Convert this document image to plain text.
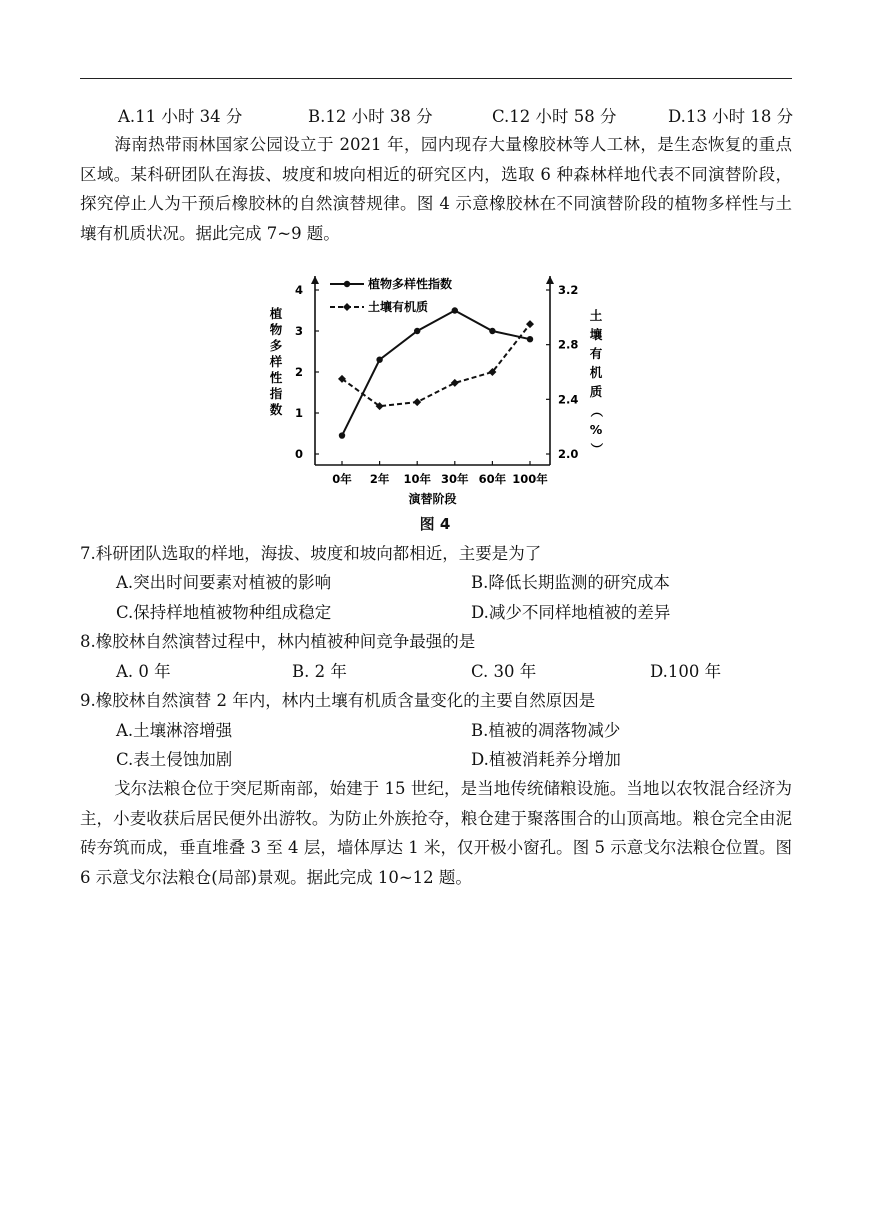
A.11 小时 34 分	B.12 小时 38 分	C.12 小时 58 分	D.13 小时 18 分
海南热带雨林国家公园设立于 2021 年，园内现存大量橡胶林等人工林，是生态恢复的重点区域。某科研团队在海拔、坡度和坡向相近的研究区内，选取 6 种森林样地代表不同演替阶段，探究停止人为干预后橡胶林的自然演替规律。图 4 示意橡胶林在不同演替阶段的植物多样性与土壤有机质状况。据此完成 7~9 题。
0
1
2
3
4
2.0
2.4
2.8
3.2
0年 2年 10年 30年 60年 100年
演替阶段
植物多样性指数
土壤有机质
植
物
多
样
性
指
数
土
壤
有
机
质
（
%
）
图 4
7.科研团队选取的样地，海拔、坡度和坡向都相近，主要是为了
A.突出时间要素对植被的影响	B.降低长期监测的研究成本
C.保持样地植被物种组成稳定	D.减少不同样地植被的差异
8.橡胶林自然演替过程中，林内植被种间竞争最强的是
A. 0 年	B. 2 年	C. 30 年	D.100 年
9.橡胶林自然演替 2 年内，林内土壤有机质含量变化的主要自然原因是
A.土壤淋溶增强	B.植被的凋落物减少
C.表土侵蚀加剧	D.植被消耗养分增加
戈尔法粮仓位于突尼斯南部，始建于 15 世纪，是当地传统储粮设施。当地以农牧混合经济为主，小麦收获后居民便外出游牧。为防止外族抢夺，粮仓建于聚落围合的山顶高地。粮仓完全由泥砖夯筑而成，垂直堆叠 3 至 4 层，墙体厚达 1 米，仅开极小窗孔。图 5 示意戈尔法粮仓位置。图 6 示意戈尔法粮仓(局部)景观。据此完成 10~12 题。
